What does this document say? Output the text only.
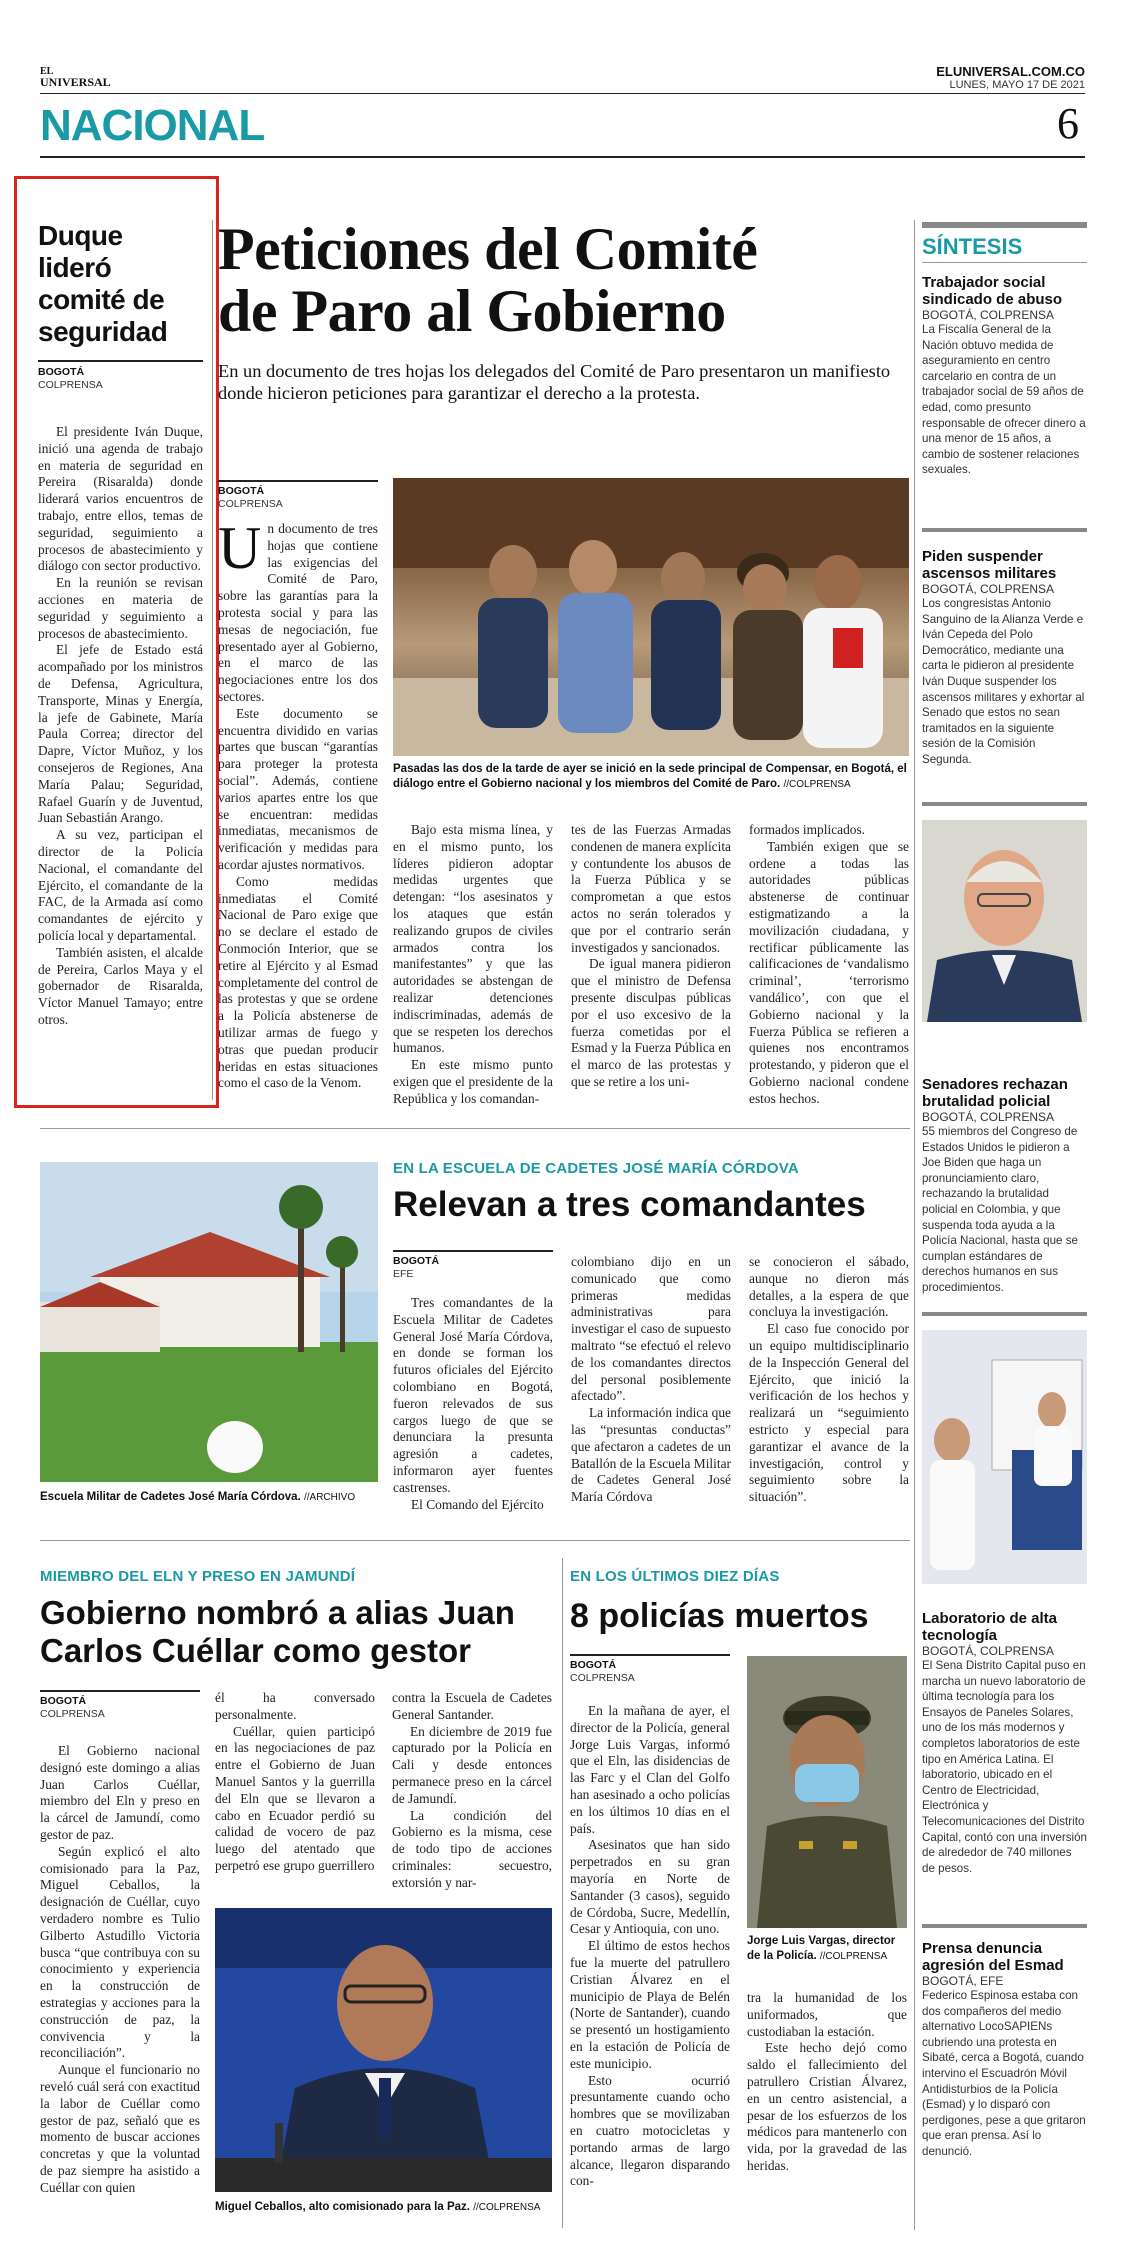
EL
UNIVERSAL
ELUNIVERSAL.COM.CO
LUNES, MAYO 17 DE 2021
NACIONAL	6
Duque lideró comité de seguridad
BOGOTÁ
COLPRENSA

El presidente Iván Duque, inició una agenda de trabajo en materia de seguridad en Pereira (Risaralda) donde liderará varios encuentros de trabajo, entre ellos, temas de seguridad, seguimiento a procesos de abastecimiento y diálogo con sector productivo.

En la reunión se revisan acciones en materia de seguridad y seguimiento a procesos de abastecimiento.

El jefe de Estado está acompañado por los ministros de Defensa, Agricultura, Transporte, Minas y Energía, la jefe de Gabinete, María Paula Correa; director del Dapre, Víctor Muñoz, y los consejeros de Regiones, Ana María Palau; Seguridad, Rafael Guarín y de Juventud, Juan Sebastián Arango.

A su vez, participan el director de la Policía Nacional, el comandante del Ejército, el comandante de la FAC, de la Armada así como comandantes de ejército y policía local y departamental.

También asisten, el alcalde de Pereira, Carlos Maya y el gobernador de Risaralda, Víctor Manuel Tamayo; entre otros.

Peticiones del Comité
de Paro al Gobierno
En un documento de tres hojas los delegados del Comité de Paro presentaron un manifiesto donde hicieron peticiones para garantizar el derecho a la protesta.
BOGOTÁ
COLPRENSA
U n documento de tres hojas que contiene las exigencias del Comité de Paro, sobre las garantías para la protesta social y para las mesas de negociación, fue presentado ayer al Gobierno, en el marco de las negociaciones entre los dos sectores.

Este documento se encuentra dividido en varias partes que buscan “garantías para proteger la protesta social”. Además, contiene varios apartes entre los que se encuentran: medidas inmediatas, mecanismos de verificación y medidas para acordar ajustes normativos.

Como medidas inmediatas el Comité Nacional de Paro exige que no se declare el estado de Conmoción Interior, que se retire al Ejército y al Esmad completamente del control de las protestas y que se ordene a la Policía abstenerse de utilizar armas de fuego y otras que puedan producir heridas en estas situaciones como el caso de la Venom.

Pasadas las dos de la tarde de ayer se inició en la sede principal de Compensar, en Bogotá, el diálogo entre el Gobierno nacional y los miembros del Comité de Paro. //COLPRENSA

Bajo esta misma línea, y en el mismo punto, los líderes pidieron adoptar medidas urgentes que detengan: “los asesinatos y los ataques que están realizando grupos de civiles armados contra los manifestantes” y que las autoridades se abstengan de realizar detenciones indiscriminadas, además de que se respeten los derechos humanos.

En este mismo punto exigen que el presidente de la República y los comandan-

tes de las Fuerzas Armadas condenen de manera explícita y contundente los abusos de la Fuerza Pública y se comprometan a que estos actos no serán tolerados y que por el contrario serán investigados y sancionados.

De igual manera pidieron que el ministro de Defensa presente disculpas públicas por el uso excesivo de la fuerza cometidas por el Esmad y la Fuerza Pública en el marco de las protestas y que se retire a los uni-

formados implicados.

También exigen que se ordene a todas las autoridades públicas abstenerse de continuar estigmatizando a la movilización ciudadana, y rectificar públicamente las calificaciones de ‘vandalismo criminal’, ‘terrorismo vandálico’, con que el Gobierno nacional y la Fuerza Pública se refieren a quienes nos encontramos protestando, y pideron que el Gobierno nacional condene estos hechos.

Escuela Militar de Cadetes José María Córdova. //ARCHIVO
EN LA ESCUELA DE CADETES JOSÉ MARÍA CÓRDOVA
Relevan a tres comandantes
BOGOTÁ
EFE

Tres comandantes de la Escuela Militar de Cadetes General José María Córdova, en donde se forman los futuros oficiales del Ejército colombiano en Bogotá, fueron relevados de sus cargos luego de que se denunciara la presunta agresión a cadetes, informaron ayer fuentes castrenses.

El Comando del Ejército

colombiano dijo en un comunicado que como primeras medidas administrativas para investigar el caso de supuesto maltrato “se efectuó el relevo de los comandantes directos del personal posiblemente afectado”.

La información indica que las “presuntas conductas” que afectaron a cadetes de un Batallón de la Escuela Militar de Cadetes General José María Córdova

se conocieron el sábado, aunque no dieron más detalles, a la espera de que concluya la investigación.

El caso fue conocido por un equipo multidisciplinario de la Inspección General del Ejército, que inició la verificación de los hechos y realizará un “seguimiento estricto y especial para garantizar el avance de la investigación, control y seguimiento sobre la situación”.

MIEMBRO DEL ELN Y PRESO EN JAMUNDÍ
Gobierno nombró a alias Juan
Carlos Cuéllar como gestor
BOGOTÁ
COLPRENSA

El Gobierno nacional designó este domingo a alias Juan Carlos Cuéllar, miembro del Eln y preso en la cárcel de Jamundí, como gestor de paz.

Según explicó el alto comisionado para la Paz, Miguel Ceballos, la designación de Cuéllar, cuyo verdadero nombre es Tulio Gilberto Astudillo Victoria busca “que contribuya con su conocimiento y experiencia en la construcción de estrategias y acciones para la construcción de paz, la convivencia y la reconciliación”.

Aunque el funcionario no reveló cuál será con exactitud la labor de Cuéllar como gestor de paz, señaló que es momento de buscar acciones concretas y que la voluntad de paz siempre ha asistido a Cuéllar con quien

él ha conversado personalmente.

Cuéllar, quien participó en las negociaciones de paz entre el Gobierno de Juan Manuel Santos y la guerrilla del Eln que se llevaron a cabo en Ecuador perdió su calidad de vocero de paz luego del atentado que perpetró ese grupo guerrillero

contra la Escuela de Cadetes General Santander.

En diciembre de 2019 fue capturado por la Policía en Cali y desde entonces permanece preso en la cárcel de Jamundí.

La condición del Gobierno es la misma, cese de todo tipo de acciones criminales: secuestro, extorsión y nar-

Miguel Ceballos, alto comisionado para la Paz. //COLPRENSA
EN LOS ÚLTIMOS DIEZ DÍAS
8 policías muertos
BOGOTÁ
COLPRENSA

En la mañana de ayer, el director de la Policía, general Jorge Luis Vargas, informó que el Eln, las disidencias de las Farc y el Clan del Golfo han asesinado a ocho policías en los últimos 10 días en el país.

Asesinatos que han sido perpetrados en su gran mayoría en Norte de Santander (3 casos), seguido de Córdoba, Sucre, Medellín, Cesar y Antioquia, con uno.

El último de estos hechos fue la muerte del patrullero Cristian Álvarez en el municipio de Playa de Belén (Norte de Santander), cuando se presentó un hostigamiento en la estación de Policía de este municipio.

Esto ocurrió presuntamente cuando ocho hombres que se movilizaban en cuatro motocicletas y portando armas de largo alcance, llegaron disparando con-

Jorge Luis Vargas, director de la Policía. //COLPRENSA

tra la humanidad de los uniformados, que custodiaban la estación.

Este hecho dejó como saldo el fallecimiento del patrullero Cristian Álvarez, en un centro asistencial, a pesar de los esfuerzos de los médicos para mantenerlo con vida, por la gravedad de las heridas.

SÍNTESIS
Trabajador social sindicado de abuso
BOGOTÁ, COLPRENSA
La Fiscalía General de la Nación obtuvo medida de aseguramiento en centro carcelario en contra de un trabajador social de 59 años de edad, como presunto responsable de ofrecer dinero a una menor de 15 años, a cambio de sostener relaciones sexuales.
Piden suspender ascensos militares
BOGOTÁ, COLPRENSA
Los congresistas Antonio Sanguino de la Alianza Verde e Iván Cepeda del Polo Democrático, mediante una carta le pidieron al presidente Iván Duque suspender los ascensos militares y exhortar al Senado que estos no sean tramitados en la siguiente sesión de la Comisión Segunda.
Senadores rechazan brutalidad policial
BOGOTÁ, COLPRENSA
55 miembros del Congreso de Estados Unidos le pidieron a Joe Biden que haga un pronunciamiento claro, rechazando la brutalidad policial en Colombia, y que suspenda toda ayuda a la Policía Nacional, hasta que se cumplan estándares de derechos humanos en sus procedimientos.
Laboratorio de alta tecnología
BOGOTÁ, COLPRENSA
El Sena Distrito Capital puso en marcha un nuevo laboratorio de última tecnología para los Ensayos de Paneles Solares, uno de los más modernos y completos laboratorios de este tipo en América Latina. El laboratorio, ubicado en el Centro de Electricidad, Electrónica y Telecomunicaciones del Distrito Capital, contó con una inversión de alrededor de 740 millones de pesos.
Prensa denuncia agresión del Esmad
BOGOTÁ, EFE
Federico Espinosa estaba con dos compañeros del medio alternativo LocoSAPIENs cubriendo una protesta en Sibaté, cerca a Bogotá, cuando intervino el Escuadrón Móvil Antidisturbios de la Policía (Esmad) y lo disparó con perdigones, pese a que gritaron que eran prensa. Así lo denunció.
